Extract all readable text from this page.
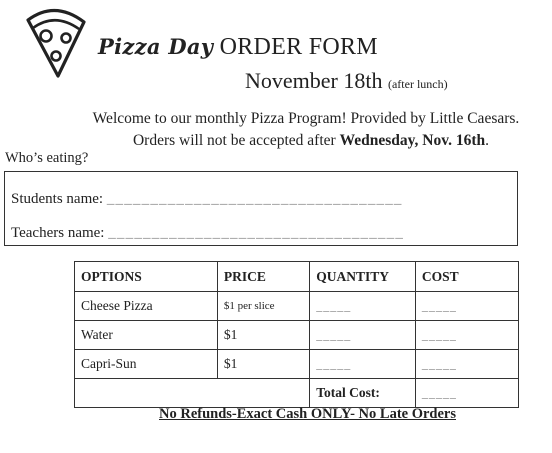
Pizza Day ORDER FORM
November 18th (after lunch)
Welcome to our monthly Pizza Program! Provided by Little Caesars.
Orders will not be accepted after Wednesday, Nov. 16th.
Who’s eating?
Students name: __________________________________
Teachers name: __________________________________
OPTIONS	PRICE	QUANTITY	COST
Cheese Pizza	$1 per slice	_____	_____
Water	$1	_____	_____
Capri-Sun	$1	_____	_____
		Total Cost:	_____
No Refunds-Exact Cash ONLY- No Late Orders
